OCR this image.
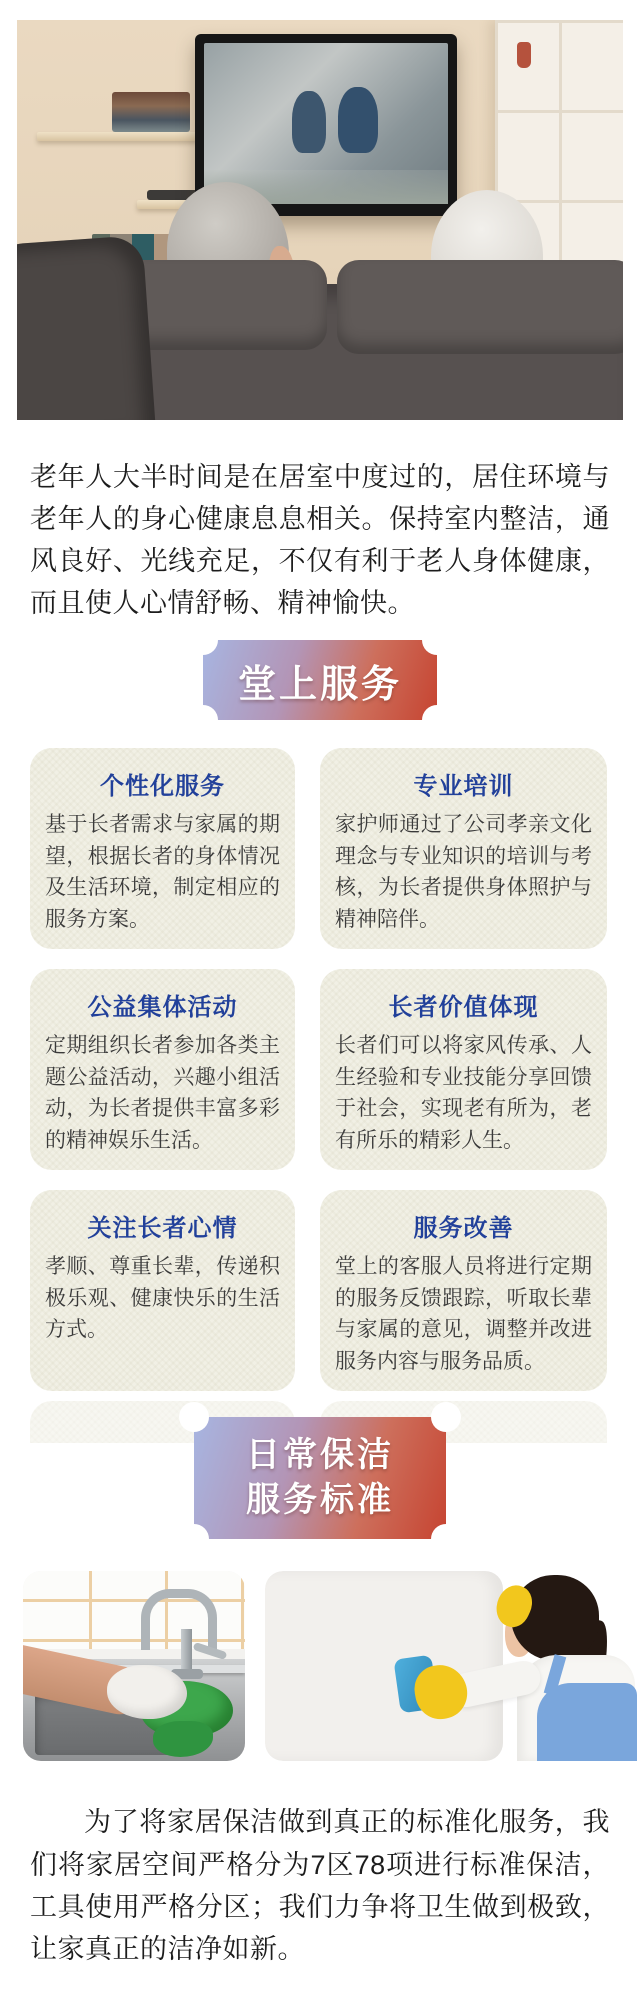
老年人大半时间是在居室中度过的，居住环境与老年人的身心健康息息相关。保持室内整洁，通风良好、光线充足，不仅有利于老人身体健康，而且使人心情舒畅、精神愉快。

堂上服务
个性化服务

基于长者需求与家属的期望，根据长者的身体情况及生活环境，制定相应的服务方案。

专业培训

家护师通过了公司孝亲文化理念与专业知识的培训与考核，为长者提供身体照护与精神陪伴。

公益集体活动

定期组织长者参加各类主题公益活动，兴趣小组活动，为长者提供丰富多彩的精神娱乐生活。

长者价值体现

长者们可以将家风传承、人生经验和专业技能分享回馈于社会，实现老有所为，老有所乐的精彩人生。

关注长者心情

孝顺、尊重长辈，传递积极乐观、健康快乐的生活方式。

服务改善

堂上的客服人员将进行定期的服务反馈跟踪，听取长辈与家属的意见，调整并改进服务内容与服务品质。

日常保洁
服务标准

为了将家居保洁做到真正的标准化服务，我们将家居空间严格分为7区78项进行标准保洁，工具使用严格分区；我们力争将卫生做到极致，让家真正的洁净如新。
